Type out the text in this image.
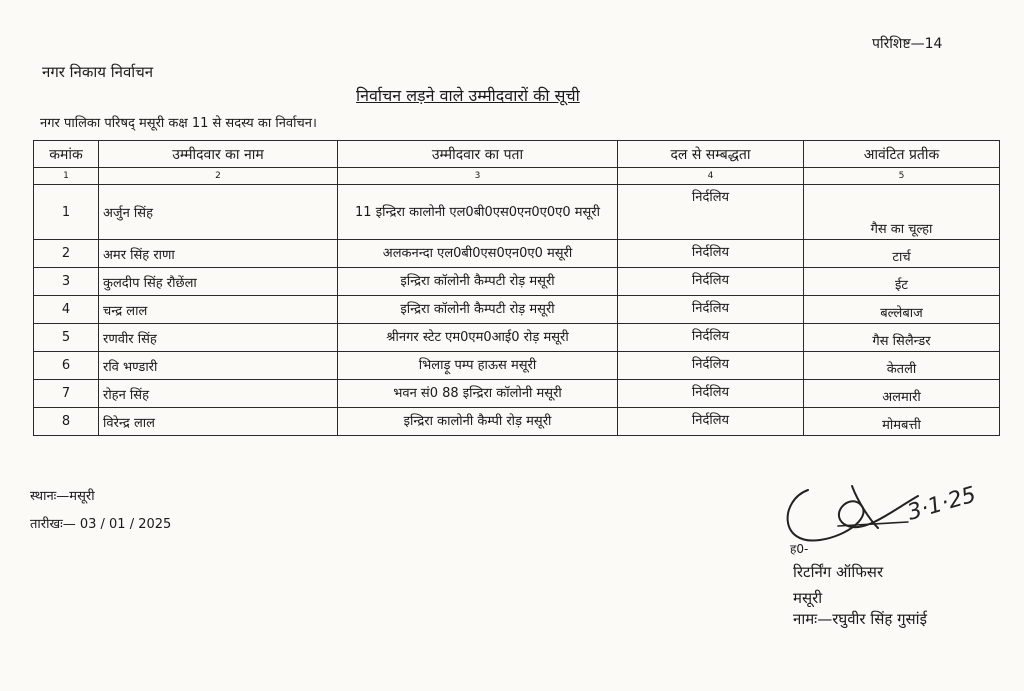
परिशिष्ट—14
नगर निकाय निर्वाचन
निर्वाचन लड़ने वाले उम्मीदवारों की सूची
नगर पालिका परिषद् मसूरी कक्ष 11 से सदस्य का निर्वाचन।
कमांक	उम्मीदवार का नाम	उम्मीदवार का पता	दल से सम्बद्धता	आवंटित प्रतीक
1	2	3	4	5
1	अर्जुन सिंह	11 इन्द्रिरा कालोनी एल0बी0एस0एन0ए0ए0 मसूरी	निर्दलिय	गैस का चूल्हा
2	अमर सिंह राणा	अलकनन्दा एल0बी0एस0एन0ए0 मसूरी	निर्दलिय	टार्च
3	कुलदीप सिंह रौछेंला	इन्द्रिरा कॉलोनी कैम्पटी रोड़ मसूरी	निर्दलिय	ईट
4	चन्द्र लाल	इन्द्रिरा कॉलोनी कैम्पटी रोड़ मसूरी	निर्दलिय	बल्लेबाज
5	रणवीर सिंह	श्रीनगर स्टेट एम0एम0आई0 रोड़ मसूरी	निर्दलिय	गैस सिलैन्डर
6	रवि भण्डारी	भिलाड़ू पम्प हाऊस मसूरी	निर्दलिय	केतली
7	रोहन सिंह	भवन सं0 88 इन्द्रिरा कॉलोनी मसूरी	निर्दलिय	अलमारी
8	विरेन्द्र लाल	इन्द्रिरा कालोनी कैम्पी रोड़ मसूरी	निर्दलिय	मोमबत्ती
स्थानः—मसूरी
तारीखः— 03 / 01 / 2025	3·1·25
ह0-
रिटर्निंग ऑफिसर
मसूरी
नामः—रघुवीर सिंह गुसांई
